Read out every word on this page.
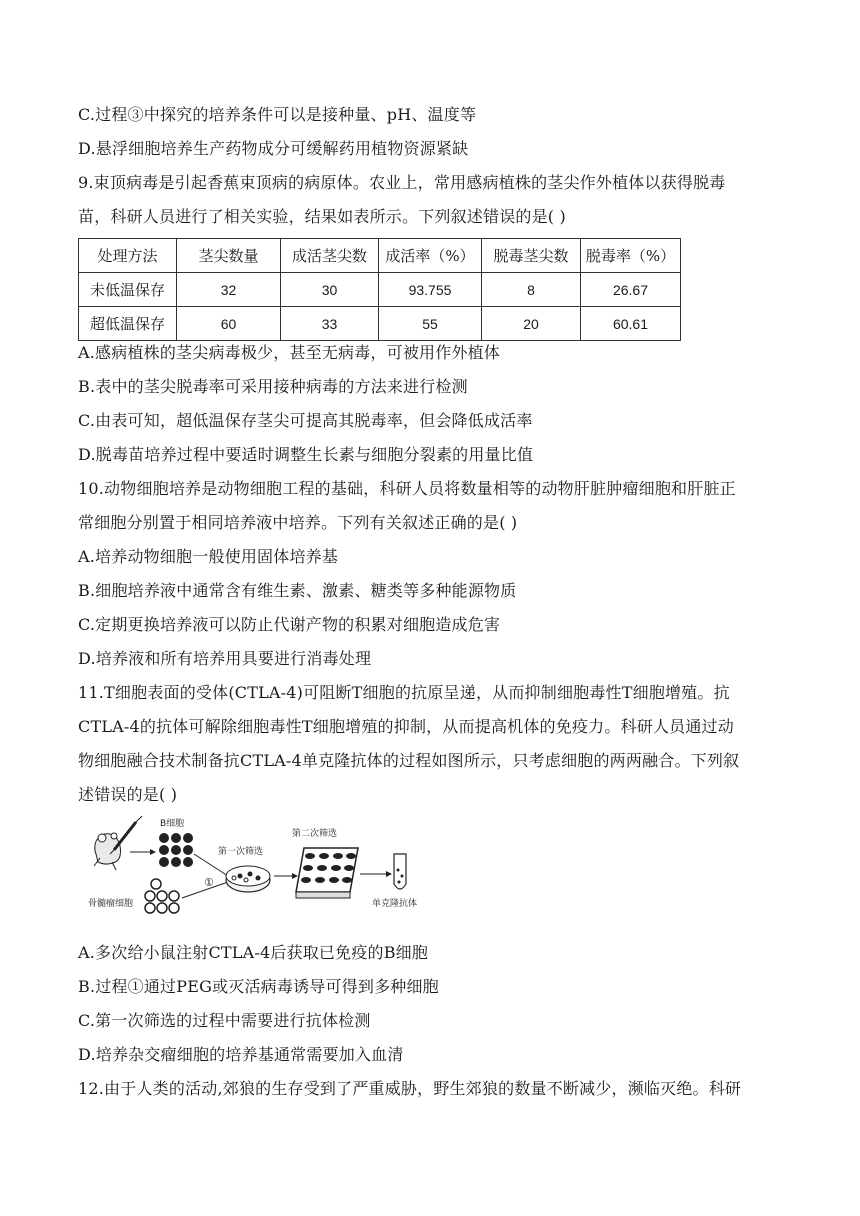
C.过程③中探究的培养条件可以是接种量、pH、温度等
D.悬浮细胞培养生产药物成分可缓解药用植物资源紧缺
9.束顶病毒是引起香蕉束顶病的病原体。农业上，常用感病植株的茎尖作外植体以获得脱毒
苗，科研人员进行了相关实验，结果如表所示。下列叙述错误的是( )
处理方法	茎尖数量	成活茎尖数	成活率（%）	脱毒茎尖数	脱毒率（%）
未低温保存	32	30	93.755	8	26.67
超低温保存	60	33	55	20	60.61
A.感病植株的茎尖病毒极少，甚至无病毒，可被用作外植体
B.表中的茎尖脱毒率可采用接种病毒的方法来进行检测
C.由表可知，超低温保存茎尖可提高其脱毒率，但会降低成活率
D.脱毒苗培养过程中要适时调整生长素与细胞分裂素的用量比值
10.动物细胞培养是动物细胞工程的基础，科研人员将数量相等的动物肝脏肿瘤细胞和肝脏正
常细胞分别置于相同培养液中培养。下列有关叙述正确的是( )
A.培养动物细胞一般使用固体培养基
B.细胞培养液中通常含有维生素、激素、糖类等多种能源物质
C.定期更换培养液可以防止代谢产物的积累对细胞造成危害
D.培养液和所有培养用具要进行消毒处理
11.T细胞表面的受体(CTLA-4)可阻断T细胞的抗原呈递，从而抑制细胞毒性T细胞增殖。抗
CTLA-4的抗体可解除细胞毒性T细胞增殖的抑制，从而提高机体的免疫力。科研人员通过动
物细胞融合技术制备抗CTLA-4单克隆抗体的过程如图所示，只考虑细胞的两两融合。下列叙
述错误的是( )
B细胞
骨髓瘤细胞
①
第一次筛选
第二次筛选
单克隆抗体
A.多次给小鼠注射CTLA-4后获取已免疫的B细胞
B.过程①通过PEG或灭活病毒诱导可得到多种细胞
C.第一次筛选的过程中需要进行抗体检测
D.培养杂交瘤细胞的培养基通常需要加入血清
12.由于人类的活动,郊狼的生存受到了严重威胁，野生郊狼的数量不断减少，濒临灭绝。科研
